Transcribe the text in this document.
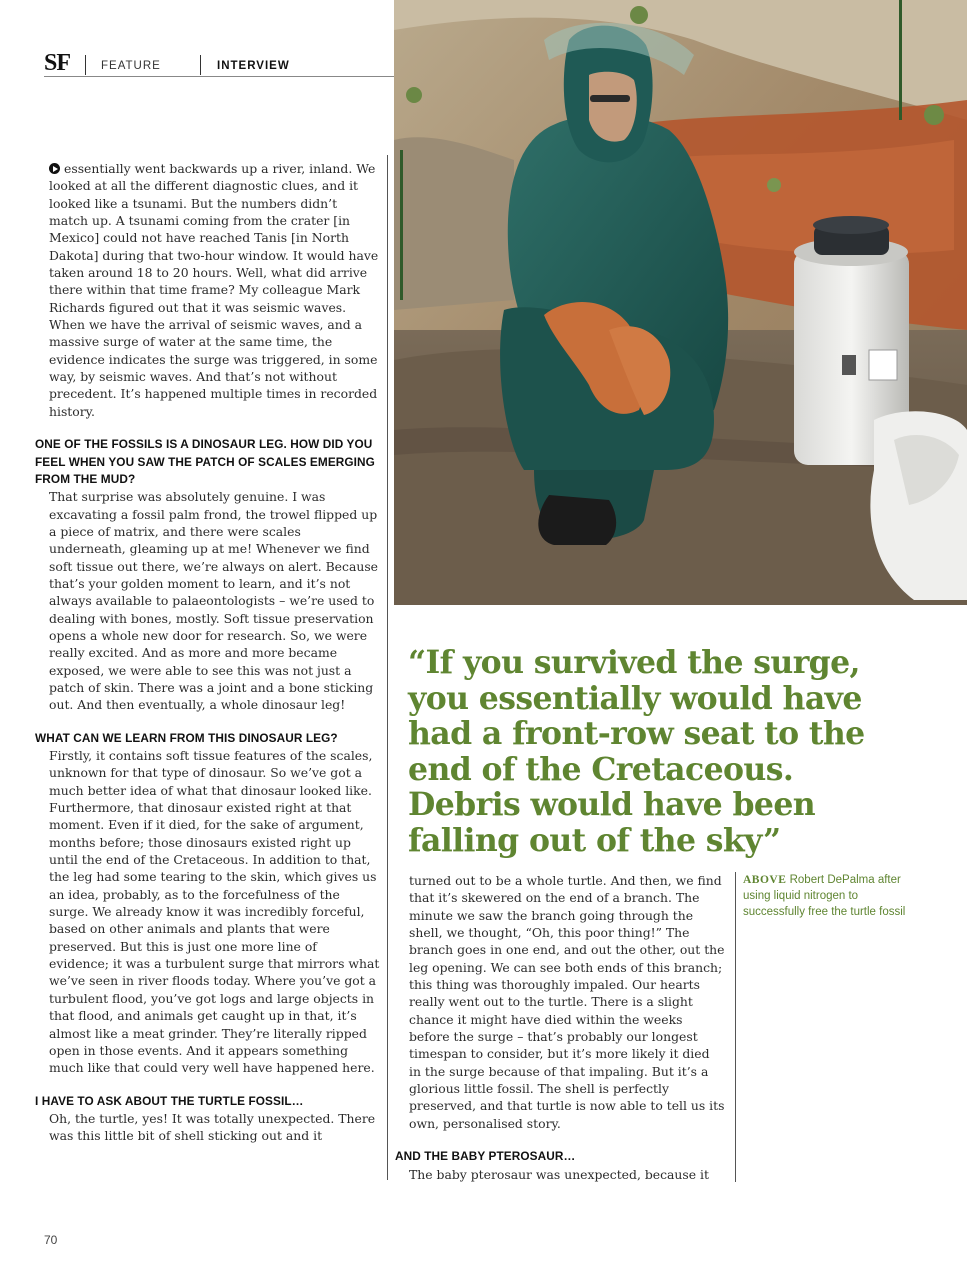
SF	FEATURE	INTERVIEW

essentially went backwards up a river, inland. We looked at all the different diagnostic clues, and it looked like a tsunami. But the numbers didn’t match up. A tsunami coming from the crater [in Mexico] could not have reached Tanis [in North Dakota] during that two-hour window. It would have taken around 18 to 20 hours. Well, what did arrive there within that time frame? My colleague Mark Richards figured out that it was seismic waves. When we have the arrival of seismic waves, and a massive surge of water at the same time, the evidence indicates the surge was triggered, in some way, by seismic waves. And that’s not without precedent. It’s happened multiple times in recorded history.

ONE OF THE FOSSILS IS A DINOSAUR LEG. HOW DID YOU FEEL WHEN YOU SAW THE PATCH OF SCALES EMERGING FROM THE MUD?

That surprise was absolutely genuine. I was excavating a fossil palm frond, the trowel flipped up a piece of matrix, and there were scales underneath, gleaming up at me! Whenever we find soft tissue out there, we’re always on alert. Because that’s your golden moment to learn, and it’s not always available to palaeontologists – we’re used to dealing with bones, mostly. Soft tissue preservation opens a whole new door for research. So, we were really excited. And as more and more became exposed, we were able to see this was not just a patch of skin. There was a joint and a bone sticking out. And then eventually, a whole dinosaur leg!

WHAT CAN WE LEARN FROM THIS DINOSAUR LEG?

Firstly, it contains soft tissue features of the scales, unknown for that type of dinosaur. So we’ve got a much better idea of what that dinosaur looked like. Furthermore, that dinosaur existed right at that moment. Even if it died, for the sake of argument, months before; those dinosaurs existed right up until the end of the Cretaceous. In addition to that, the leg had some tearing to the skin, which gives us an idea, probably, as to the forcefulness of the surge. We already know it was incredibly forceful, based on other animals and plants that were preserved. But this is just one more line of evidence; it was a turbulent surge that mirrors what we’ve seen in river floods today. Where you’ve got a turbulent flood, you’ve got logs and large objects in that flood, and animals get caught up in that, it’s almost like a meat grinder. They’re literally ripped open in those events. And it appears something much like that could very well have happened here.

I HAVE TO ASK ABOUT THE TURTLE FOSSIL…

Oh, the turtle, yes! It was totally unexpected. There was this little bit of shell sticking out and it

“If you survived the surge, you essentially would have had a front-row seat to the end of the Cretaceous. Debris would have been falling out of the sky”

turned out to be a whole turtle. And then, we find that it’s skewered on the end of a branch. The minute we saw the branch going through the shell, we thought, “Oh, this poor thing!” The branch goes in one end, and out the other, out the leg opening. We can see both ends of this branch; this thing was thoroughly impaled. Our hearts really went out to the turtle. There is a slight chance it might have died within the weeks before the surge – that’s probably our longest timespan to consider, but it’s more likely it died in the surge because of that impaling. But it’s a glorious little fossil. The shell is perfectly preserved, and that turtle is now able to tell us its own, personalised story.

AND THE BABY PTEROSAUR…

The baby pterosaur was unexpected, because it

ABOVE Robert DePalma after using liquid nitrogen to successfully free the turtle fossil
70
